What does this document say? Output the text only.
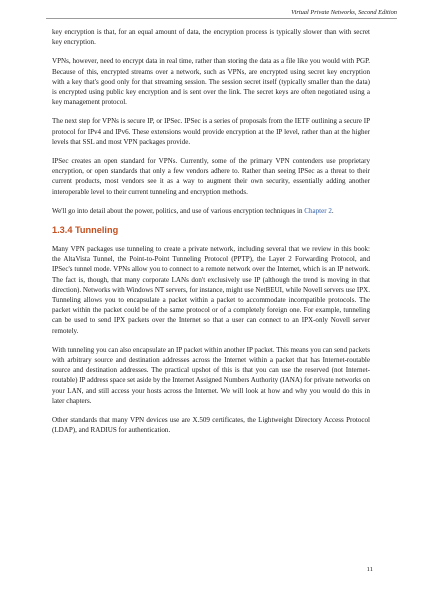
Virtual Private Networks, Second Edition

key encryption is that, for an equal amount of data, the encryption process is typically slower than with secret key encryption.

VPNs, however, need to encrypt data in real time, rather than storing the data as a file like you would with PGP. Because of this, encrypted streams over a network, such as VPNs, are encrypted using secret key encryption with a key that's good only for that streaming session. The session secret itself (typically smaller than the data) is encrypted using public key encryption and is sent over the link. The secret keys are often negotiated using a key management protocol.

The next step for VPNs is secure IP, or IPSec. IPSec is a series of proposals from the IETF outlining a secure IP protocol for IPv4 and IPv6. These extensions would provide encryption at the IP level, rather than at the higher levels that SSL and most VPN packages provide.

IPSec creates an open standard for VPNs. Currently, some of the primary VPN contenders use proprietary encryption, or open standards that only a few vendors adhere to. Rather than seeing IPSec as a threat to their current products, most vendors see it as a way to augment their own security, essentially adding another interoperable level to their current tunneling and encryption methods.

We'll go into detail about the power, politics, and use of various encryption techniques in Chapter 2.

1.3.4 Tunneling

Many VPN packages use tunneling to create a private network, including several that we review in this book: the AltaVista Tunnel, the Point-to-Point Tunneling Protocol (PPTP), the Layer 2 Forwarding Protocol, and IPSec's tunnel mode. VPNs allow you to connect to a remote network over the Internet, which is an IP network. The fact is, though, that many corporate LANs don't exclusively use IP (although the trend is moving in that direction). Networks with Windows NT servers, for instance, might use NetBEUI, while Novell servers use IPX. Tunneling allows you to encapsulate a packet within a packet to accommodate incompatible protocols. The packet within the packet could be of the same protocol or of a completely foreign one. For example, tunneling can be used to send IPX packets over the Internet so that a user can connect to an IPX-only Novell server remotely.

With tunneling you can also encapsulate an IP packet within another IP packet. This means you can send packets with arbitrary source and destination addresses across the Internet within a packet that has Internet-routable source and destination addresses. The practical upshot of this is that you can use the reserved (not Internet-routable) IP address space set aside by the Internet Assigned Numbers Authority (IANA) for private networks on your LAN, and still access your hosts across the Internet. We will look at how and why you would do this in later chapters.

Other standards that many VPN devices use are X.509 certificates, the Lightweight Directory Access Protocol (LDAP), and RADIUS for authentication.

11
